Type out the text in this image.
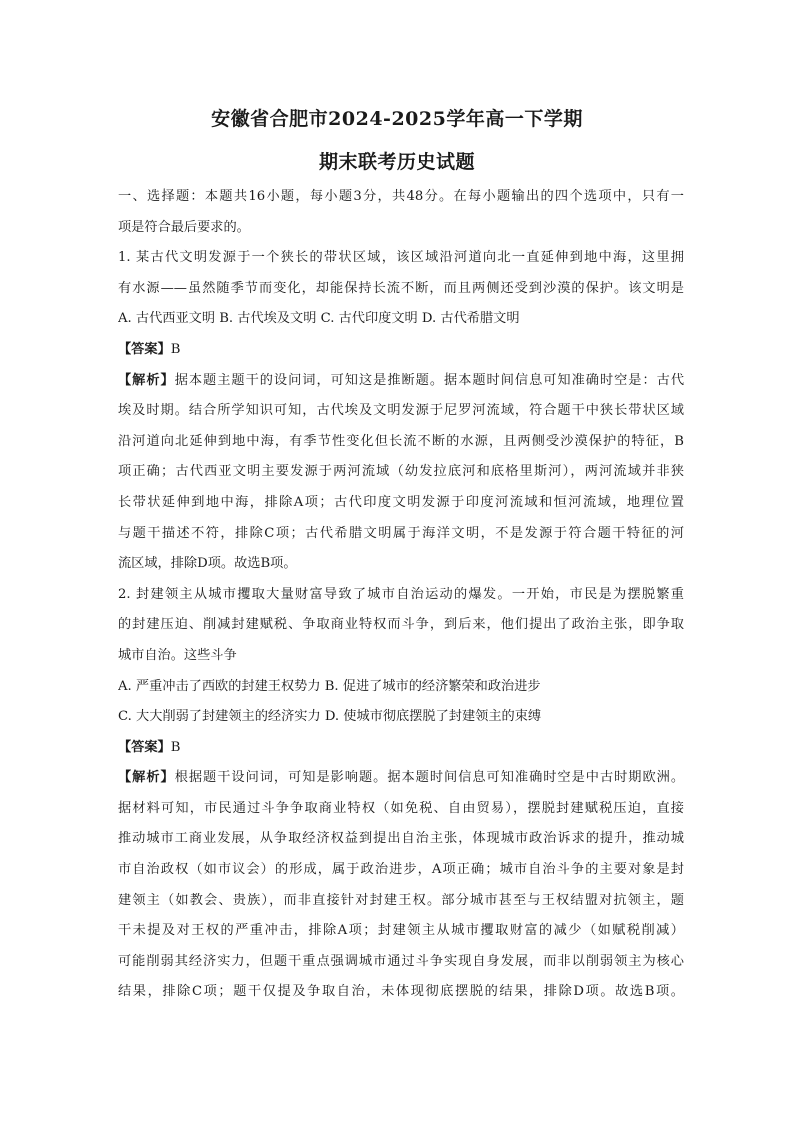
安徽省合肥市2024-2025学年高一下学期
期末联考历史试题
一、选择题：本题共16小题，每小题3分，共48分。在每小题输出的四个选项中，只有一
项是符合最后要求的。
1. 某古代文明发源于一个狭长的带状区域，该区域沿河道向北一直延伸到地中海，这里拥
有水源——虽然随季节而变化，却能保持长流不断，而且两侧还受到沙漠的保护。该文明是
A. 古代西亚文明 B. 古代埃及文明 C. 古代印度文明 D. 古代希腊文明
【答案】B
【解析】据本题主题干的设问词，可知这是推断题。据本题时间信息可知准确时空是：古代
埃及时期。结合所学知识可知，古代埃及文明发源于尼罗河流域，符合题干中狭长带状区域
沿河道向北延伸到地中海，有季节性变化但长流不断的水源，且两侧受沙漠保护的特征，B
项正确；古代西亚文明主要发源于两河流域（幼发拉底河和底格里斯河），两河流域并非狭
长带状延伸到地中海，排除A项；古代印度文明发源于印度河流域和恒河流域，地理位置
与题干描述不符，排除C项；古代希腊文明属于海洋文明，不是发源于符合题干特征的河
流区域，排除D项。故选B项。
2. 封建领主从城市攫取大量财富导致了城市自治运动的爆发。一开始，市民是为摆脱繁重
的封建压迫、削减封建赋税、争取商业特权而斗争，到后来，他们提出了政治主张，即争取
城市自治。这些斗争
A. 严重冲击了西欧的封建王权势力 B. 促进了城市的经济繁荣和政治进步
C. 大大削弱了封建领主的经济实力 D. 使城市彻底摆脱了封建领主的束缚
【答案】B
【解析】根据题干设问词，可知是影响题。据本题时间信息可知准确时空是中古时期欧洲。
据材料可知，市民通过斗争争取商业特权（如免税、自由贸易），摆脱封建赋税压迫，直接
推动城市工商业发展，从争取经济权益到提出自治主张，体现城市政治诉求的提升，推动城
市自治政权（如市议会）的形成，属于政治进步，A项正确；城市自治斗争的主要对象是封
建领主（如教会、贵族），而非直接针对封建王权。部分城市甚至与王权结盟对抗领主，题
干未提及对王权的严重冲击，排除A项；封建领主从城市攫取财富的减少（如赋税削减）
可能削弱其经济实力，但题干重点强调城市通过斗争实现自身发展，而非以削弱领主为核心
结果，排除C项；题干仅提及争取自治，未体现彻底摆脱的结果，排除D项。故选B项。
